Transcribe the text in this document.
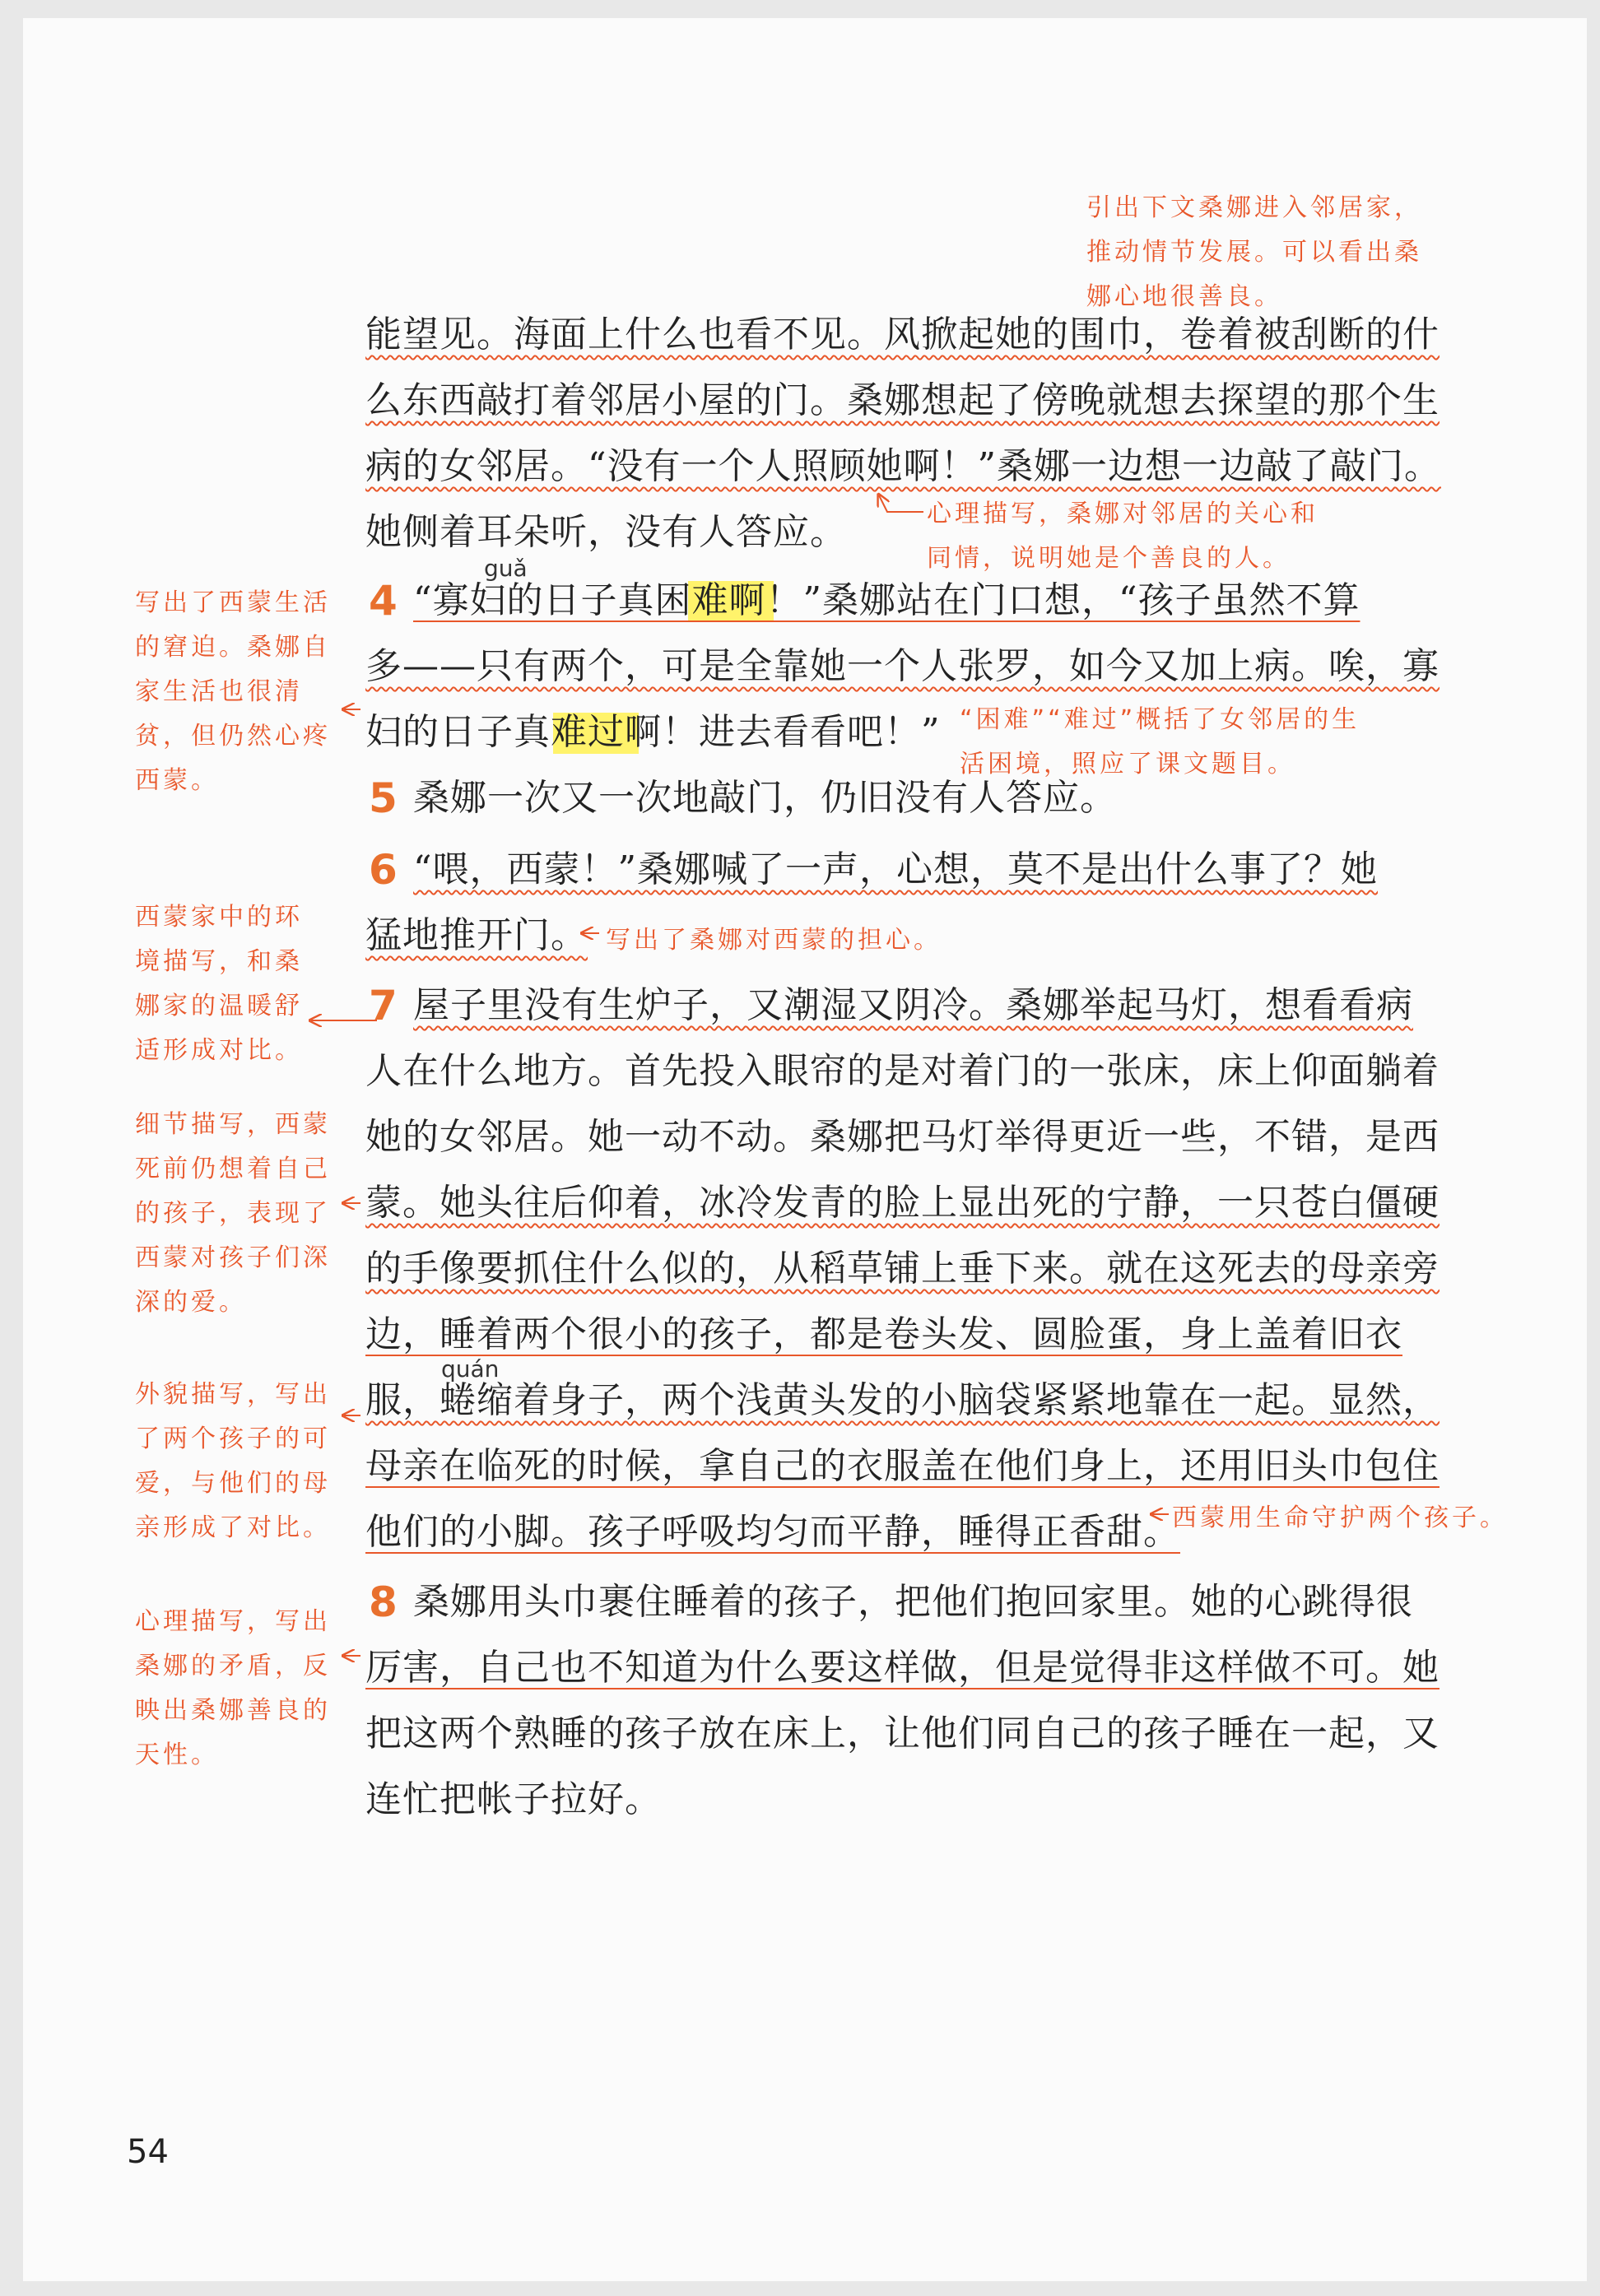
能望见。海面上什么也看不见。风掀起她的围巾，卷着被刮断的什
么东西敲打着邻居小屋的门。桑娜想起了傍晚就想去探望的那个生
病的女邻居。“没有一个人照顾她啊！”桑娜一边想一边敲了敲门。
她侧着耳朵听，没有人答应。
“寡妇的日子真困难啊！”桑娜站在门口想，“孩子虽然不算
多——只有两个，可是全靠她一个人张罗，如今又加上病。唉，寡
妇的日子真难过啊！进去看看吧！”
桑娜一次又一次地敲门，仍旧没有人答应。
“喂，西蒙！”桑娜喊了一声，心想，莫不是出什么事了？她
猛地推开门。
屋子里没有生炉子，又潮湿又阴冷。桑娜举起马灯，想看看病
人在什么地方。首先投入眼帘的是对着门的一张床，床上仰面躺着
她的女邻居。她一动不动。桑娜把马灯举得更近一些，不错，是西
蒙。她头往后仰着，冰冷发青的脸上显出死的宁静，一只苍白僵硬
的手像要抓住什么似的，从稻草铺上垂下来。就在这死去的母亲旁
边，睡着两个很小的孩子，都是卷头发、圆脸蛋，身上盖着旧衣
服，蜷缩着身子，两个浅黄头发的小脑袋紧紧地靠在一起。显然，
母亲在临死的时候，拿自己的衣服盖在他们身上，还用旧头巾包住
他们的小脚。孩子呼吸均匀而平静，睡得正香甜。
桑娜用头巾裹住睡着的孩子，把他们抱回家里。她的心跳得很
厉害，自己也不知道为什么要这样做，但是觉得非这样做不可。她
把这两个熟睡的孩子放在床上，让他们同自己的孩子睡在一起，又
连忙把帐子拉好。
4
5
6
7
8
guǎ
quán
引出下文桑娜进入邻居家，
推动情节发展。可以看出桑
娜心地很善良。
心理描写，桑娜对邻居的关心和
同情，说明她是个善良的人。
写出了西蒙生活
的窘迫。桑娜自
家生活也很清
贫，但仍然心疼
西蒙。
“困难”“难过”概括了女邻居的生
活困境，照应了课文题目。
写出了桑娜对西蒙的担心。
西蒙家中的环
境描写，和桑
娜家的温暖舒
适形成对比。
细节描写，西蒙
死前仍想着自己
的孩子，表现了
西蒙对孩子们深
深的爱。
外貌描写，写出
了两个孩子的可
爱，与他们的母
亲形成了对比。	西蒙用生命守护两个孩子。
心理描写，写出
桑娜的矛盾，反
映出桑娜善良的
天性。
54
